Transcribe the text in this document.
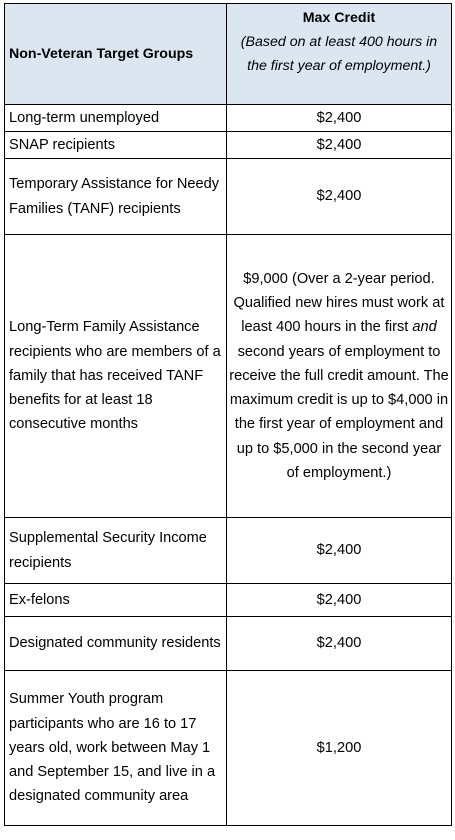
Non-Veteran Target Groups	Max Credit
(Based on at least 400 hours in the first year of employment.)

Long-term unemployed	$2,400
SNAP recipients	$2,400
Temporary Assistance for Needy Families (TANF) recipients	$2,400
Long-Term Family Assistance recipients who are members of a family that has received TANF benefits for at least 18 consecutive months	$9,000 (Over a 2-year period. Qualified new hires must work at least 400 hours in the first and second years of employment to receive the full credit amount. The maximum credit is up to $4,000 in the first year of employment and up to $5,000 in the second year of employment.)
Supplemental Security Income recipients	$2,400
Ex-felons	$2,400
Designated community residents	$2,400
Summer Youth program participants who are 16 to 17 years old, work between May 1 and September 15, and live in a designated community area	$1,200
